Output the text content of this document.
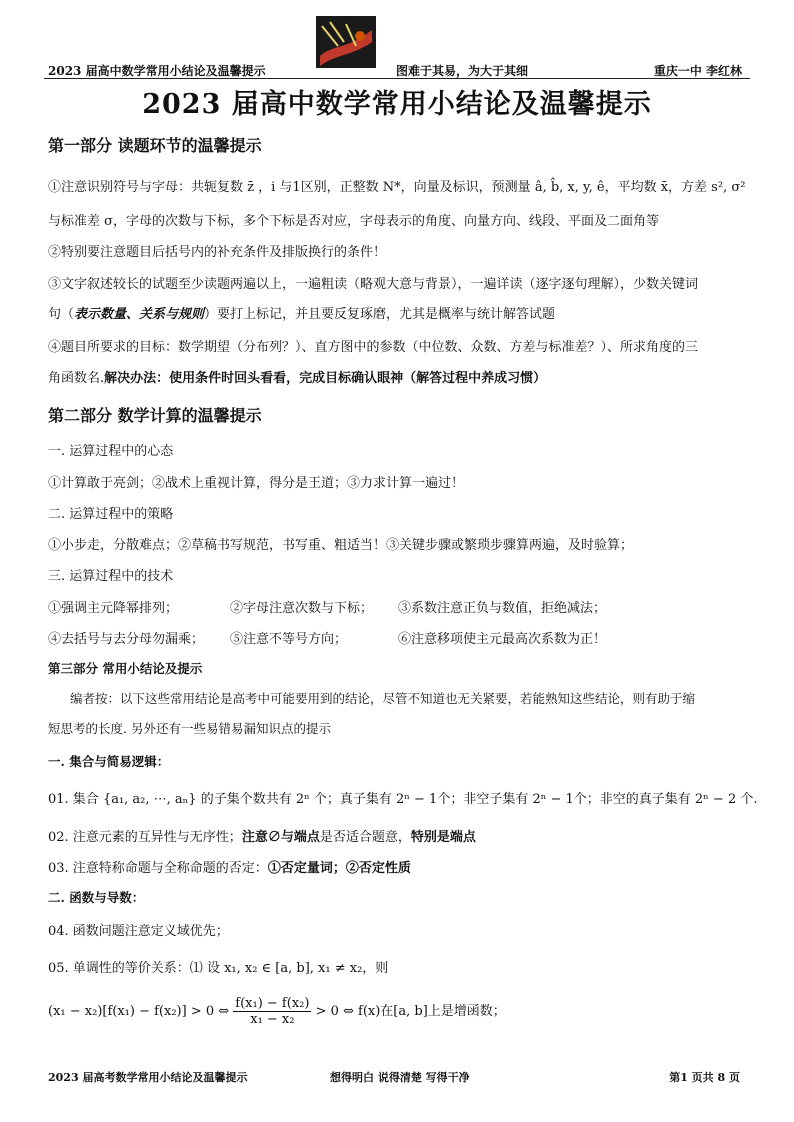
2023 届高中数学常用小结论及温馨提示	图难于其易，为大于其细	重庆一中 李红林
2023 届高中数学常用小结论及温馨提示
第一部分 读题环节的温馨提示
①注意识别符号与字母：共轭复数 z̄ ，i 与1区别，正整数 N*，向量及标识，预测量 â, b̂, x, y, ê，平均数 x̄，方差 s², σ²
与标准差 σ，字母的次数与下标，多个下标是否对应，字母表示的角度、向量方向、线段、平面及二面角等
②特别要注意题目后括号内的补充条件及排版换行的条件！
③文字叙述较长的试题至少读题两遍以上，一遍粗读（略观大意与背景），一遍详读（逐字逐句理解），少数关键词
句（表示数量、关系与规则）要打上标记，并且要反复琢磨，尤其是概率与统计解答试题
④题目所要求的目标：数学期望（分布列？）、直方图中的参数（中位数、众数、方差与标准差？）、所求角度的三
角函数名.解决办法：使用条件时回头看看，完成目标确认眼神（解答过程中养成习惯）
第二部分 数学计算的温馨提示
一. 运算过程中的心态
①计算敢于亮剑；②战术上重视计算，得分是王道；③力求计算一遍过！
二. 运算过程中的策略
①小步走，分散难点；②草稿书写规范，书写重、粗适当！③关键步骤或繁琐步骤算两遍，及时验算；
三. 运算过程中的技术
①强调主元降幂排列；	②字母注意次数与下标； ③系数注意正负与数值，拒绝减法；
④去括号与去分母勿漏乘； ⑤注意不等号方向；	⑥注意移项使主元最高次系数为正！
第三部分 常用小结论及提示
编者按：以下这些常用结论是高考中可能要用到的结论，尽管不知道也无关紧要，若能熟知这些结论，则有助于缩
短思考的长度. 另外还有一些易错易漏知识点的提示
一. 集合与简易逻辑：
01. 集合 {a₁, a₂, ⋯, aₙ} 的子集个数共有 2ⁿ 个；真子集有 2ⁿ − 1个；非空子集有 2ⁿ − 1个；非空的真子集有 2ⁿ − 2 个.
02. 注意元素的互异性与无序性；注意∅与端点是否适合题意，特别是端点
03. 注意特称命题与全称命题的否定：①否定量词；②否定性质
二. 函数与导数：
04. 函数问题注意定义域优先；
05. 单调性的等价关系：⑴ 设 x₁, x₂ ∈ [a, b], x₁ ≠ x₂，则
(x₁ − x₂)[f(x₁) − f(x₂)] > 0 ⇔ $\frac{\text{f(x₁) − f(x₂)}}{\text{x₁ − x₂}} > 0$ ⇔ f(x)在[a, b]上是增函数；
2023 届高考数学常用小结论及温馨提示	想得明白 说得清楚 写得干净	第1 页共 8 页
